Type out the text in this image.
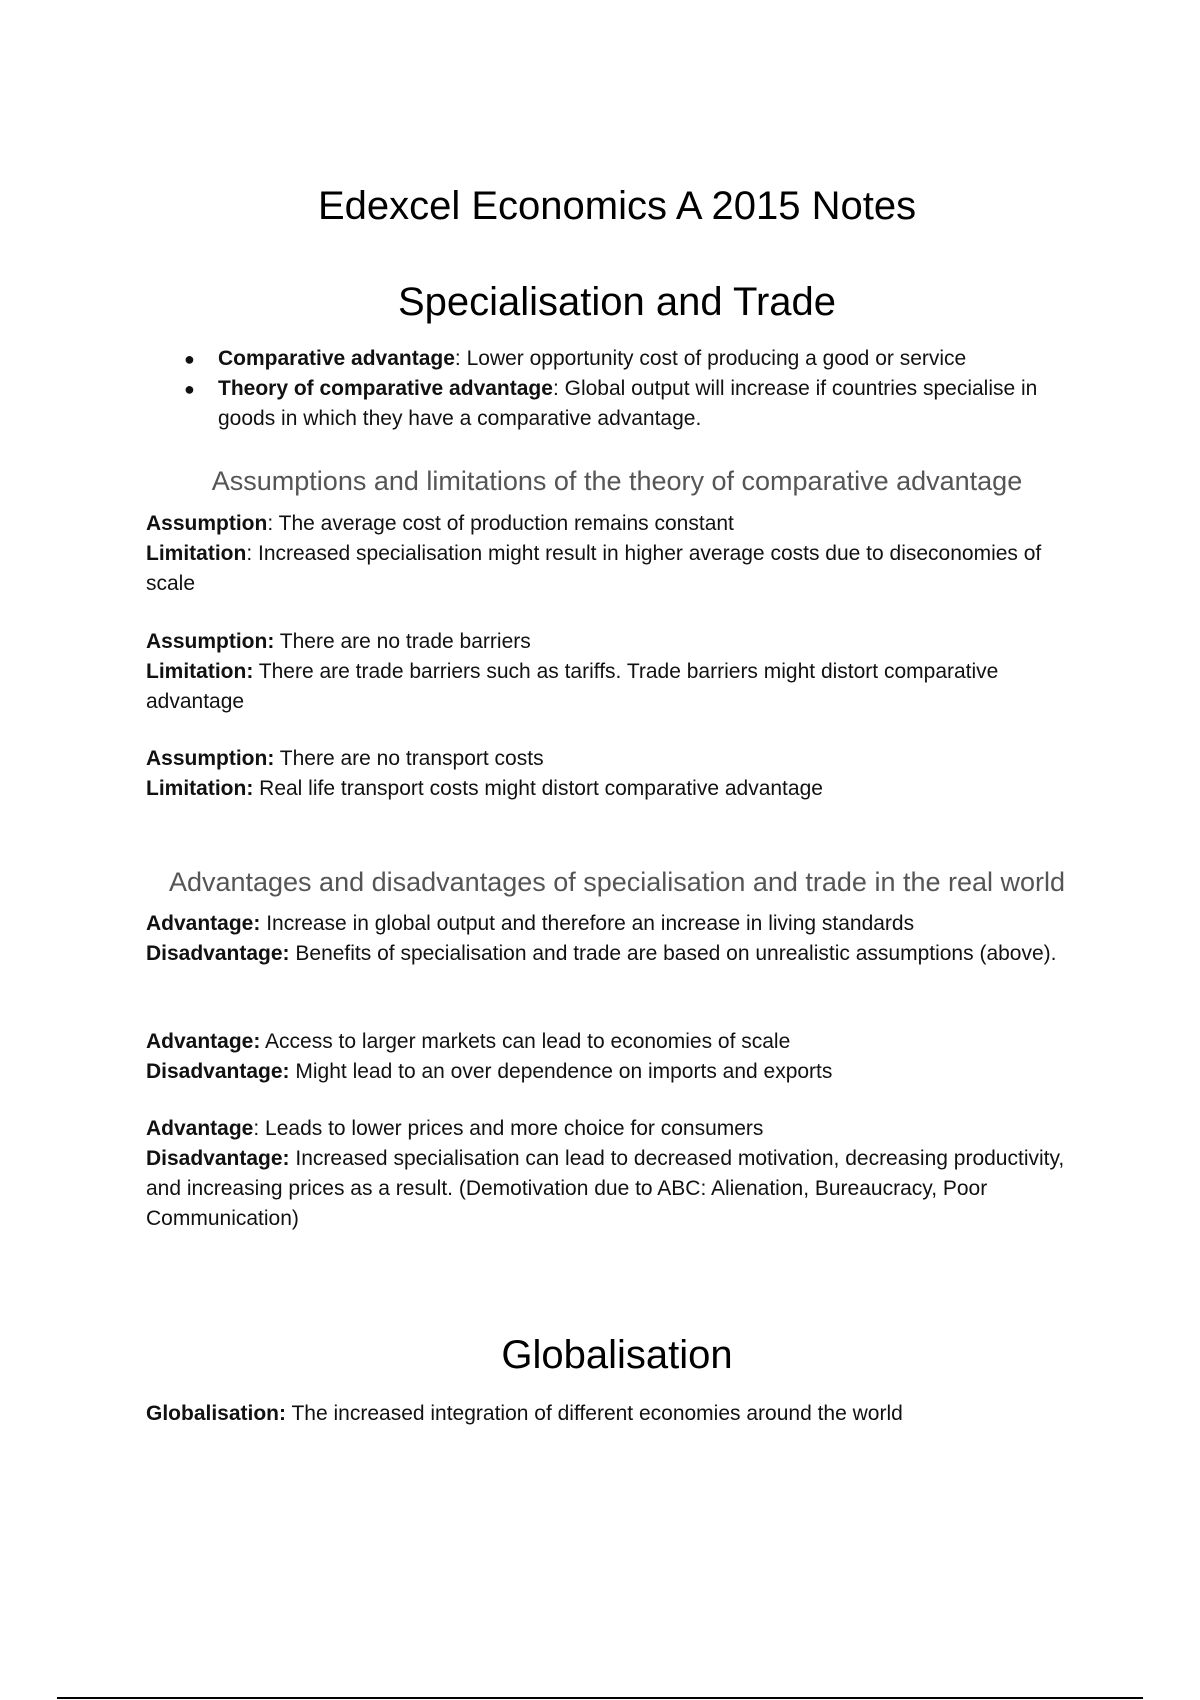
Edexcel Economics A 2015 Notes
Specialisation and Trade
●	Comparative advantage: Lower opportunity cost of producing a good or service
●	Theory of comparative advantage: Global output will increase if countries specialise in goods in which they have a comparative advantage.
Assumptions and limitations of the theory of comparative advantage

Assumption: The average cost of production remains constant

Limitation: Increased specialisation might result in higher average costs due to diseconomies of scale

Assumption: There are no trade barriers

Limitation: There are trade barriers such as tariffs. Trade barriers might distort comparative advantage

Assumption: There are no transport costs

Limitation: Real life transport costs might distort comparative advantage

Advantages and disadvantages of specialisation and trade in the real world

Advantage: Increase in global output and therefore an increase in living standards

Disadvantage: Benefits of specialisation and trade are based on unrealistic assumptions (above).

Advantage: Access to larger markets can lead to economies of scale

Disadvantage: Might lead to an over dependence on imports and exports

Advantage: Leads to lower prices and more choice for consumers

Disadvantage: Increased specialisation can lead to decreased motivation, decreasing productivity, and increasing prices as a result. (Demotivation due to ABC: Alienation, Bureaucracy, Poor Communication)

Globalisation

Globalisation: The increased integration of different economies around the world
